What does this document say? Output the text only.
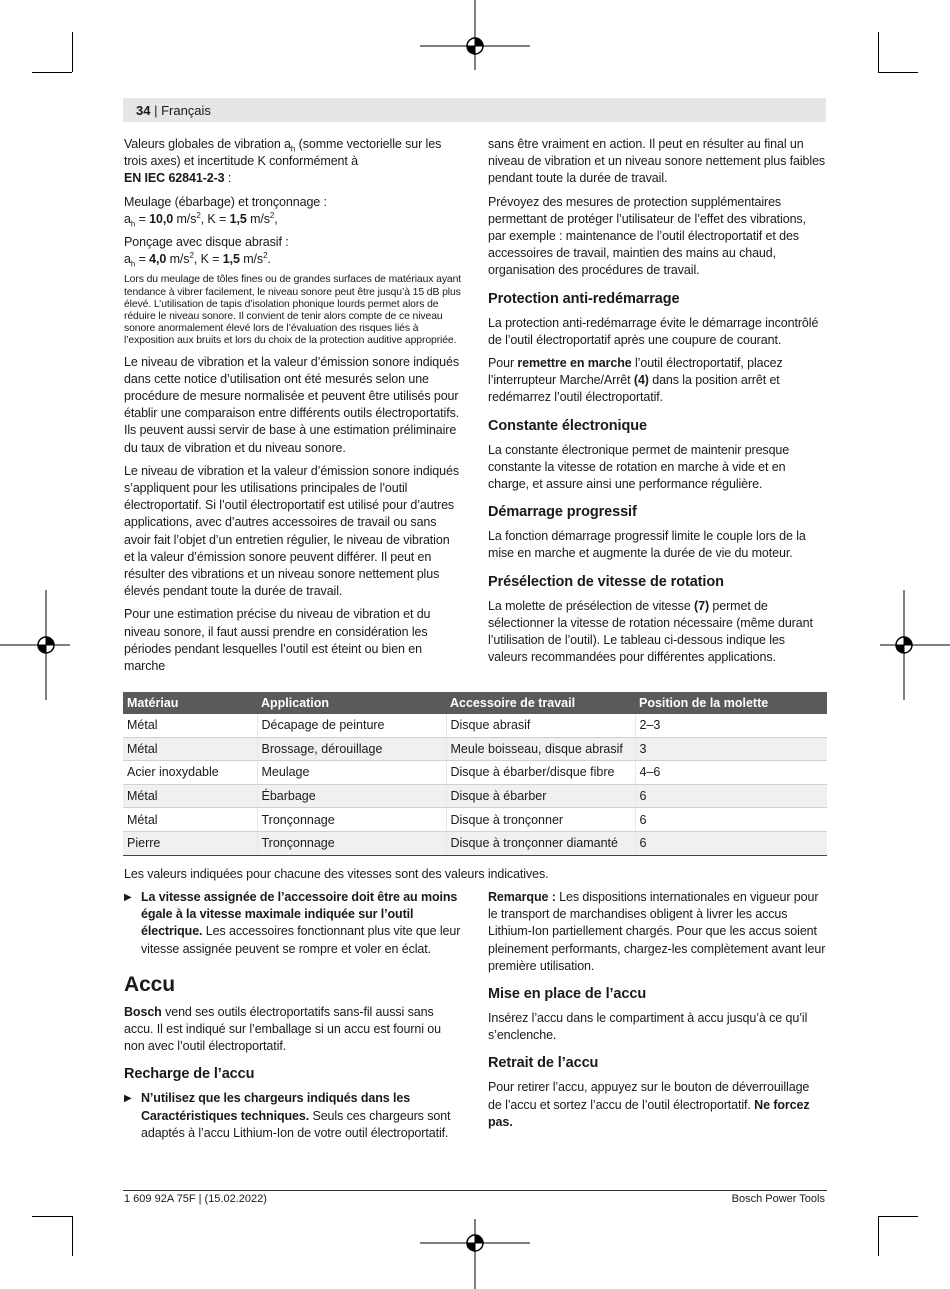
34 | Français

Valeurs globales de vibration $a_h$ (somme vectorielle sur les trois axes) et incertitude K conformément à
EN IEC 62841-2-3 :

Meulage (ébarbage) et tronçonnage :
$a_h = 10,0$ $m/s^2$, K = 1,5 $m/s^2$,

Ponçage avec disque abrasif :
$a_h = 4,0$ $m/s^2$, K = 1,5 $m/s^2$.

Lors du meulage de tôles fines ou de grandes surfaces de matériaux ayant tendance à vibrer facilement, le niveau sonore peut être jusqu’à 15 dB plus élevé. L’utilisation de tapis d’isolation phonique lourds permet alors de réduire le niveau sonore. Il convient de tenir alors compte de ce niveau sonore anormalement élevé lors de l’évaluation des risques liés à l’exposition aux bruits et lors du choix de la protection auditive appropriée.

Le niveau de vibration et la valeur d’émission sonore indiqués dans cette notice d’utilisation ont été mesurés selon une procédure de mesure normalisée et peuvent être utilisés pour établir une comparaison entre différents outils électroportatifs. Ils peuvent aussi servir de base à une estimation préliminaire du taux de vibration et du niveau sonore.

Le niveau de vibration et la valeur d’émission sonore indiqués s’appliquent pour les utilisations principales de l’outil électroportatif. Si l’outil électroportatif est utilisé pour d’autres applications, avec d’autres accessoires de travail ou sans avoir fait l’objet d’un entretien régulier, le niveau de vibration et la valeur d’émission sonore peuvent différer. Il peut en résulter des vibrations et un niveau sonore nettement plus élevés pendant toute la durée de travail.

Pour une estimation précise du niveau de vibration et du niveau sonore, il faut aussi prendre en considération les périodes pendant lesquelles l’outil est éteint ou bien en marche

sans être vraiment en action. Il peut en résulter au final un niveau de vibration et un niveau sonore nettement plus faibles pendant toute la durée de travail.

Prévoyez des mesures de protection supplémentaires permettant de protéger l’utilisateur de l’effet des vibrations, par exemple : maintenance de l’outil électroportatif et des accessoires de travail, maintien des mains au chaud, organisation des procédures de travail.

Protection anti-redémarrage

La protection anti-redémarrage évite le démarrage incontrôlé de l’outil électroportatif après une coupure de courant.

Pour remettre en marche l’outil électroportatif, placez l’interrupteur Marche/Arrêt (4) dans la position arrêt et redémarrez l’outil électroportatif.

Constante électronique

La constante électronique permet de maintenir presque constante la vitesse de rotation en marche à vide et en charge, et assure ainsi une performance régulière.

Démarrage progressif

La fonction démarrage progressif limite le couple lors de la mise en marche et augmente la durée de vie du moteur.

Présélection de vitesse de rotation

La molette de présélection de vitesse (7) permet de sélectionner la vitesse de rotation nécessaire (même durant l’utilisation de l’outil). Le tableau ci-dessous indique les valeurs recommandées pour différentes applications.

Matériau	Application	Accessoire de travail	Position de la molette
Métal	Décapage de peinture	Disque abrasif	2–3
Métal	Brossage, dérouillage	Meule boisseau, disque abrasif	3
Acier inoxydable	Meulage	Disque à ébarber/disque fibre	4–6
Métal	Ébarbage	Disque à ébarber	6
Métal	Tronçonnage	Disque à tronçonner	6
Pierre	Tronçonnage	Disque à tronçonner diamanté	6
Les valeurs indiquées pour chacune des vitesses sont des valeurs indicatives.

▶ La vitesse assignée de l’accessoire doit être au moins égale à la vitesse maximale indiquée sur l’outil électrique. Les accessoires fonctionnant plus vite que leur vitesse assignée peuvent se rompre et voler en éclat.

Accu

Bosch vend ses outils électroportatifs sans-fil aussi sans accu. Il est indiqué sur l’emballage si un accu est fourni ou non avec l’outil électroportatif.

Recharge de l’accu

▶ N’utilisez que les chargeurs indiqués dans les Caractéristiques techniques. Seuls ces chargeurs sont adaptés à l’accu Lithium-Ion de votre outil électroportatif.

Remarque : Les dispositions internationales en vigueur pour le transport de marchandises obligent à livrer les accus Lithium-Ion partiellement chargés. Pour que les accus soient pleinement performants, chargez-les complètement avant leur première utilisation.

Mise en place de l’accu

Insérez l’accu dans le compartiment à accu jusqu’à ce qu’il s’enclenche.

Retrait de l’accu

Pour retirer l’accu, appuyez sur le bouton de déverrouillage de l’accu et sortez l’accu de l’outil électroportatif. Ne forcez pas.

1 609 92A 75F | (15.02.2022)	Bosch Power Tools
